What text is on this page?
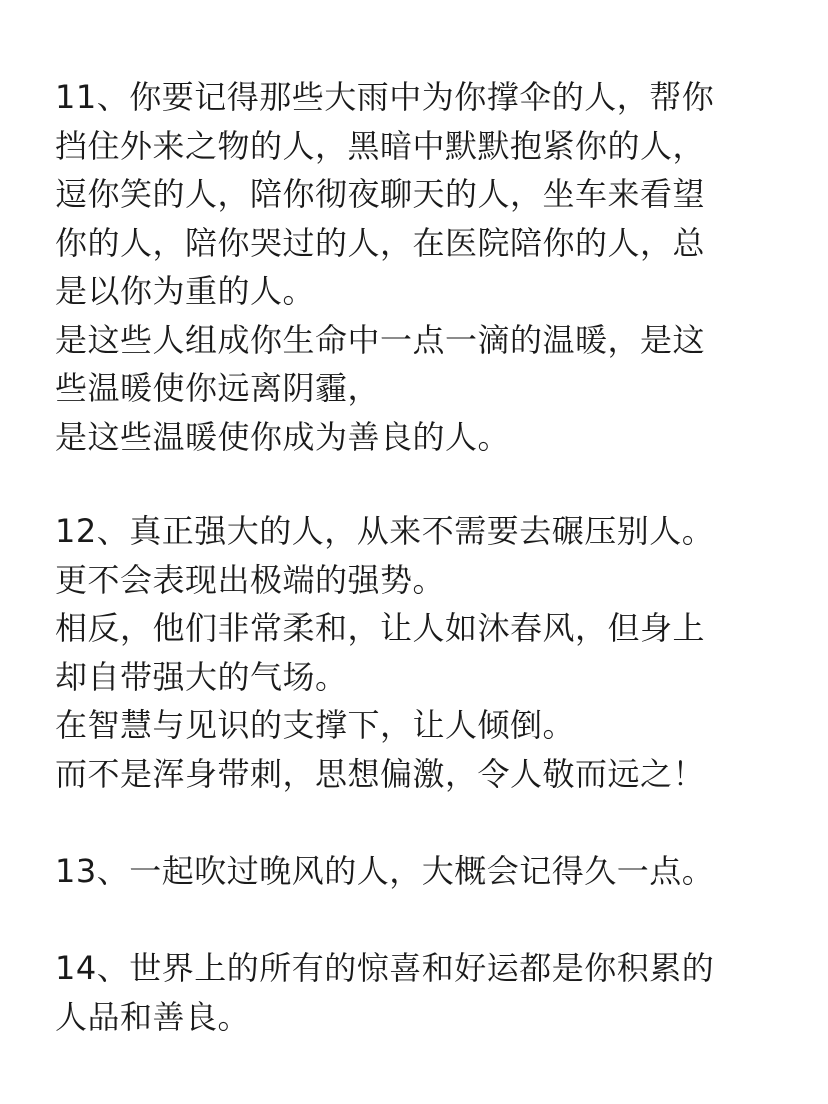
11、你要记得那些大雨中为你撑伞的人，帮你
挡住外来之物的人，黑暗中默默抱紧你的人，
逗你笑的人，陪你彻夜聊天的人，坐车来看望
你的人，陪你哭过的人，在医院陪你的人，总
是以你为重的人。
是这些人组成你生命中一点一滴的温暖，是这
些温暖使你远离阴霾，
是这些温暖使你成为善良的人。
12、真正强大的人，从来不需要去碾压别人。
更不会表现出极端的强势。
相反，他们非常柔和，让人如沐春风，但身上
却自带强大的气场。
在智慧与见识的支撑下，让人倾倒。
而不是浑身带刺，思想偏激，令人敬而远之！
13、一起吹过晚风的人，大概会记得久一点。
14、世界上的所有的惊喜和好运都是你积累的
人品和善良。
